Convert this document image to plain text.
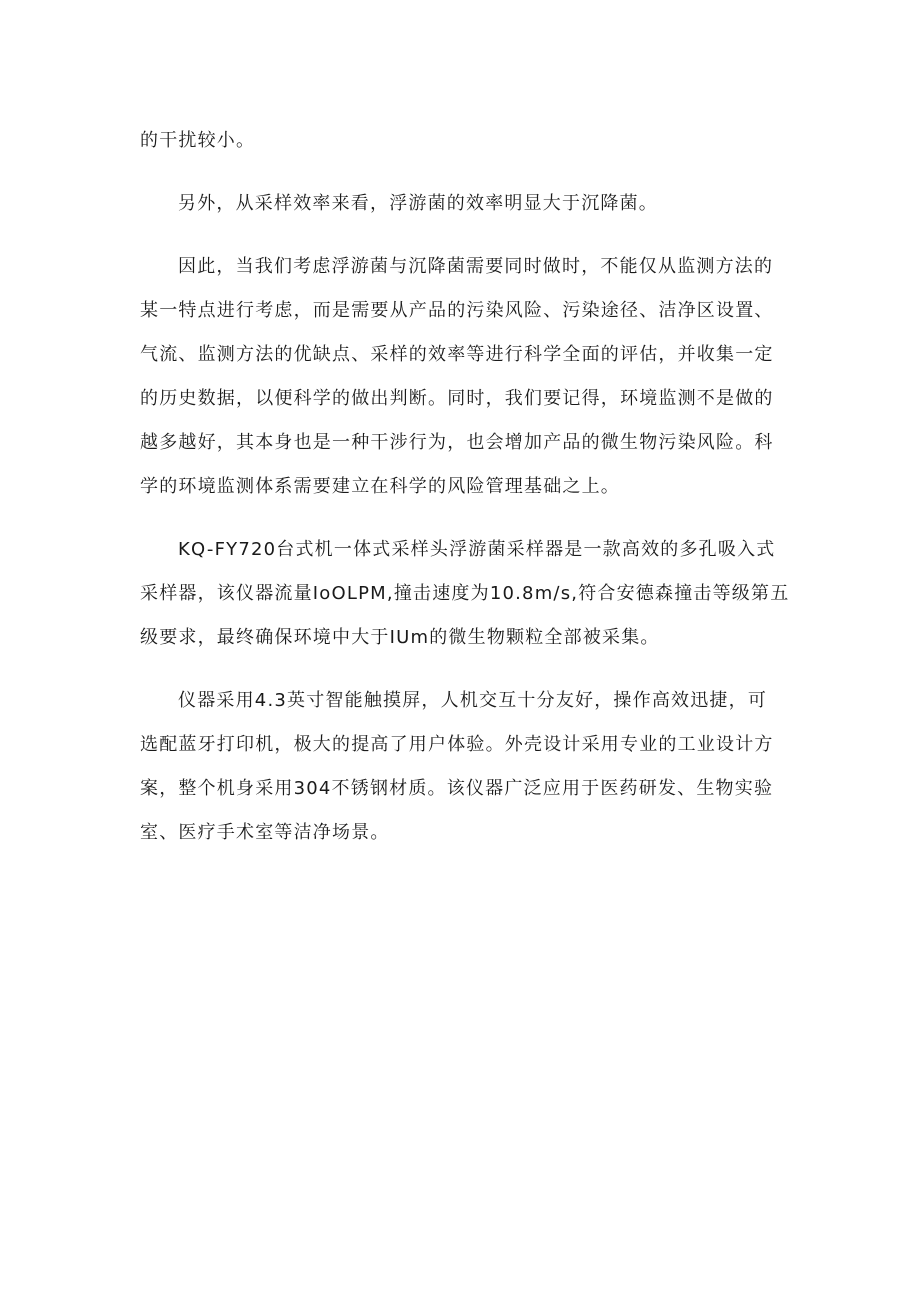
的干扰较小。
另外，从采样效率来看，浮游菌的效率明显大于沉降菌。
因此，当我们考虑浮游菌与沉降菌需要同时做时，不能仅从监测方法的
某一特点进行考虑，而是需要从产品的污染风险、污染途径、洁净区设置、
气流、监测方法的优缺点、采样的效率等进行科学全面的评估，并收集一定
的历史数据，以便科学的做出判断。同时，我们要记得，环境监测不是做的
越多越好，其本身也是一种干涉行为，也会增加产品的微生物污染风险。科
学的环境监测体系需要建立在科学的风险管理基础之上。
KQ-FY720台式机一体式采样头浮游菌采样器是一款高效的多孔吸入式
采样器，该仪器流量IoOLPM,撞击速度为10.8m∕s,符合安德森撞击等级第五
级要求，最终确保环境中大于IUm的微生物颗粒全部被采集。
仪器采用4.3英寸智能触摸屏，人机交互十分友好，操作高效迅捷，可
选配蓝牙打印机，极大的提高了用户体验。外壳设计采用专业的工业设计方
案，整个机身采用304不锈钢材质。该仪器广泛应用于医药研发、生物实验
室、医疗手术室等洁净场景。
